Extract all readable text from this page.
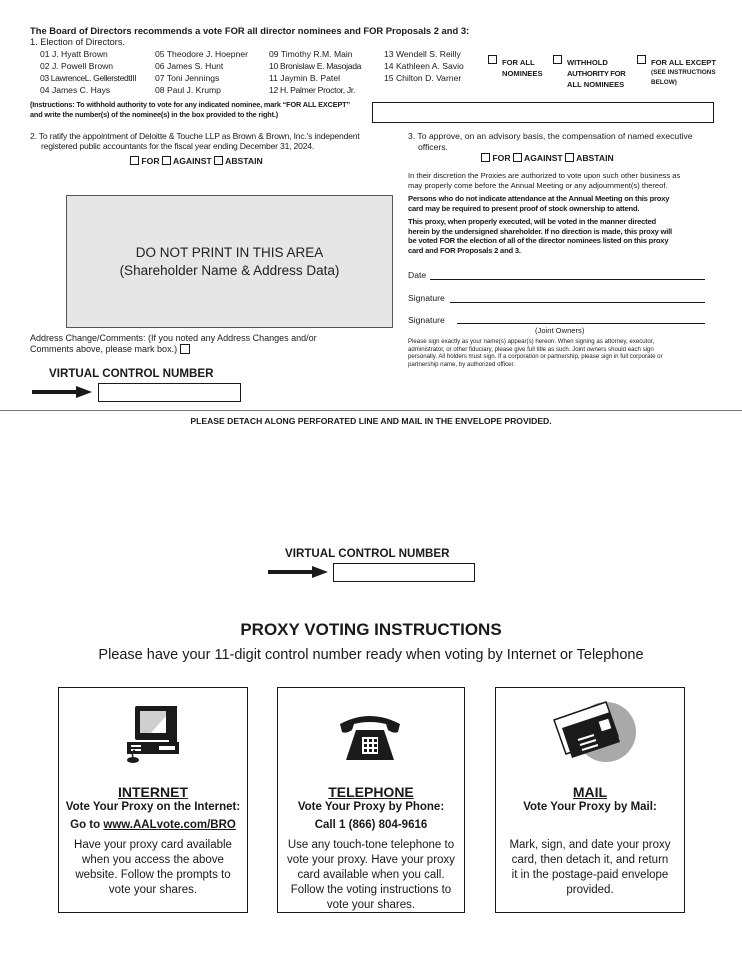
The Board of Directors recommends a vote FOR all director nominees and FOR Proposals 2 and 3:
1. Election of Directors.
01 J. Hyatt Brown
02 J. Powell Brown
03 LawrenceL. GellerstedtIII
04 James C. Hays
05 Theodore J. Hoepner
06 James S. Hunt
07 Toni Jennings
08 Paul J. Krump
09 Timothy R.M. Main
10 Bronislaw E. Masojada
11 Jaymin B. Patel
12 H. Palmer Proctor, Jr.
13 Wendell S. Reilly
14 Kathleen A. Savio
15 Chilton D. Varner
FOR ALL
NOMINEES
WITHHOLD
AUTHORITY FOR
ALL NOMINEES
FOR ALL EXCEPT
(SEE INSTRUCTIONS
BELOW)
(Instructions: To withhold authority to vote for any indicated nominee, mark “FOR ALL EXCEPT”
and write the number(s) of the nominee(s) in the box provided to the right.)
2. To ratify the appointment of Deloitte & Touche LLP as Brown & Brown, Inc.'s independent
registered public accountants for the fiscal year ending December 31, 2024.
FOR AGAINST ABSTAIN
3. To approve, on an advisory basis, the compensation of named executive
officers.
FOR AGAINST ABSTAIN
In their discretion the Proxies are authorized to vote upon such other business as
may properly come before the Annual Meeting or any adjournment(s) thereof.
Persons who do not indicate attendance at the Annual Meeting on this proxy
card may be required to present proof of stock ownership to attend.
This proxy, when properly executed, will be voted in the manner directed
herein by the undersigned shareholder. If no direction is made, this proxy will
be voted FOR the election of all of the director nominees listed on this proxy
card and FOR Proposals 2 and 3.
DO NOT PRINT IN THIS AREA
(Shareholder Name & Address Data)	Date
Signature
Signature
(Joint Owners)
Please sign exactly as your name(s) appear(s) hereon. When signing as attorney, executor,
administrator, or other fiduciary, please give full title as such. Joint owners should each sign
personally. All holders must sign. If a corporation or partnership, please sign in full corporate or
partnership name, by authorized officer.
Address Change/Comments: (If you noted any Address Changes and/or
Comments above, please mark box.)
VIRTUAL CONTROL NUMBER
PLEASE DETACH ALONG PERFORATED LINE AND MAIL IN THE ENVELOPE PROVIDED.
VIRTUAL CONTROL NUMBER
PROXY VOTING INSTRUCTIONS
Please have your 11-digit control number ready when voting by Internet or Telephone
INTERNET
Vote Your Proxy on the Internet:
Go to www.AALvote.com/BRO
Have your proxy card available
when you access the above
website. Follow the prompts to
vote your shares.
TELEPHONE
Vote Your Proxy by Phone:
Call 1 (866) 804-9616
Use any touch-tone telephone to
vote your proxy. Have your proxy
card available when you call.
Follow the voting instructions to
vote your shares.
MAIL
Vote Your Proxy by Mail:
Mark, sign, and date your proxy
card, then detach it, and return
it in the postage-paid envelope
provided.
